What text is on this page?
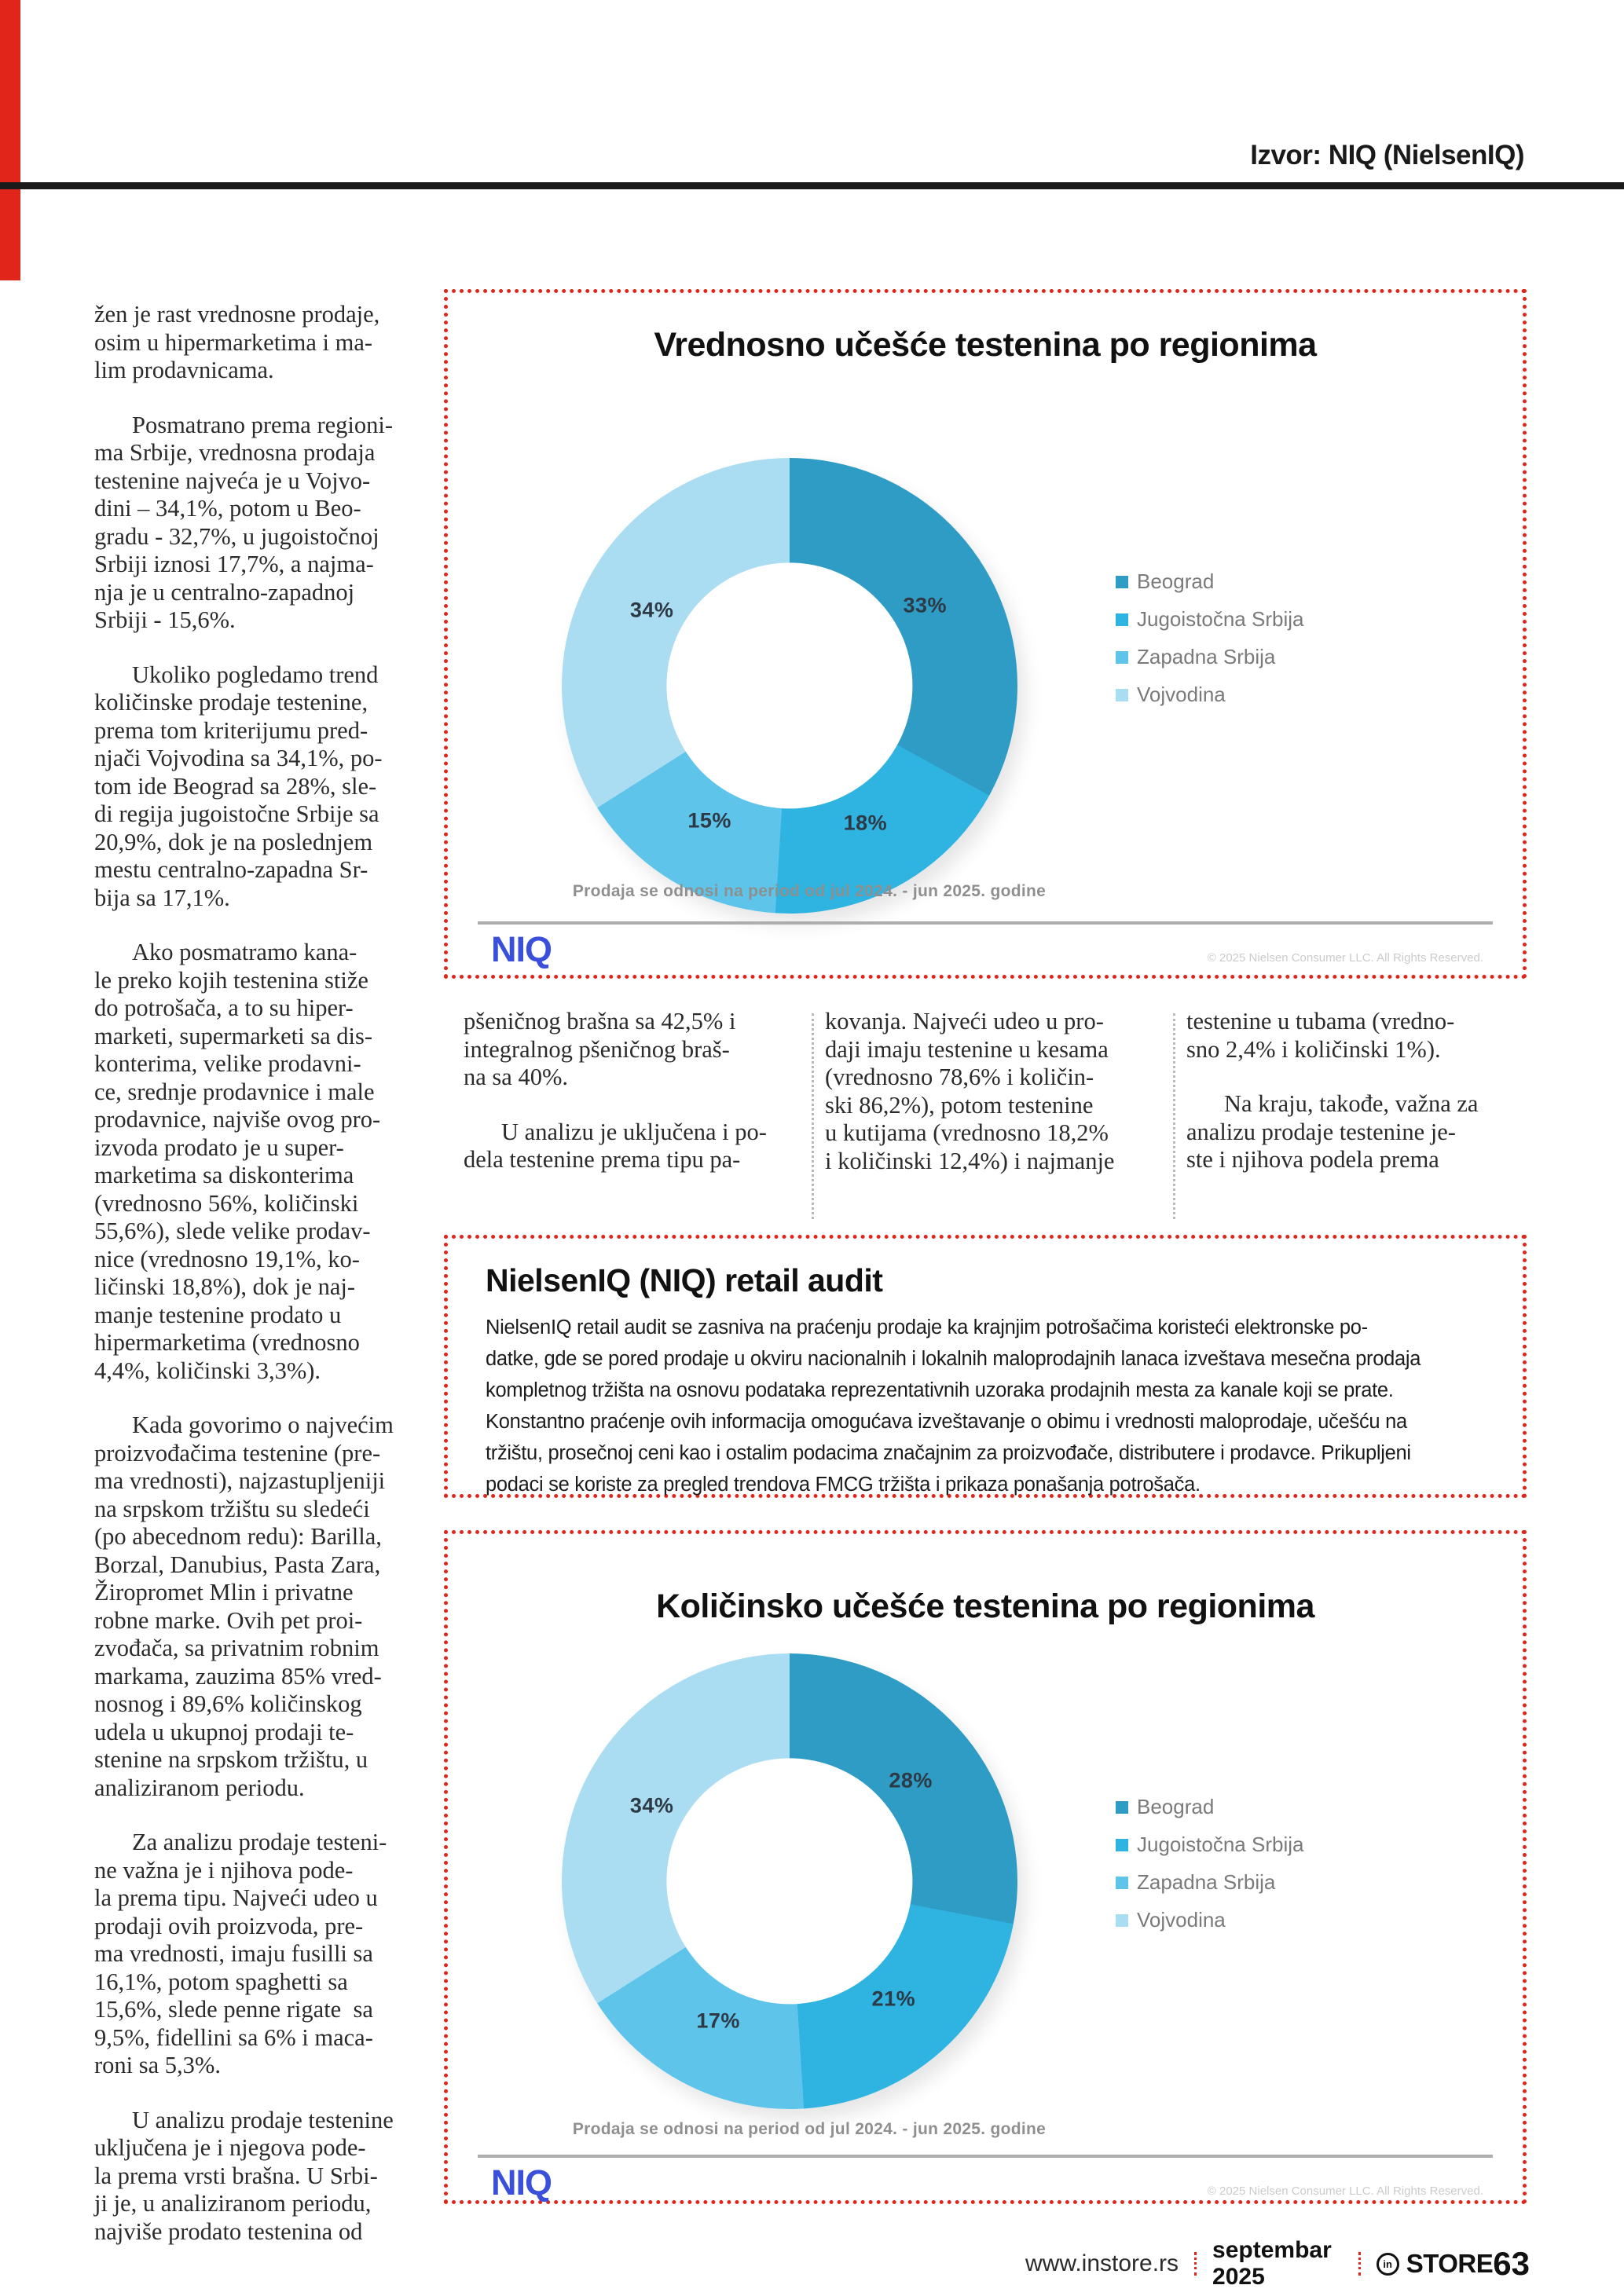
Izvor: NIQ (NielsenIQ)
žen je rast vrednosne prodaje,
osim u hipermarketima i ma-
lim prodavnicama.
Posmatrano prema regioni-
ma Srbije, vrednosna prodaja
testenine najveća je u Vojvo-
dini – 34,1%, potom u Beo-
gradu - 32,7%, u jugoistočnoj
Srbiji iznosi 17,7%, a najma-
nja je u centralno-zapadnoj
Srbiji - 15,6%.
Ukoliko pogledamo trend
količinske prodaje testenine,
prema tom kriterijumu pred-
njači Vojvodina sa 34,1%, po-
tom ide Beograd sa 28%, sle-
di regija jugoistočne Srbije sa
20,9%, dok je na poslednjem
mestu centralno-zapadna Sr-
bija sa 17,1%.
Ako posmatramo kana-
le preko kojih testenina stiže
do potrošača, a to su hiper-
marketi, supermarketi sa dis-
konterima, velike prodavni-
ce, srednje prodavnice i male
prodavnice, najviše ovog pro-
izvoda prodato je u super-
marketima sa diskonterima
(vrednosno 56%, količinski
55,6%), slede velike prodav-
nice (vrednosno 19,1%, ko-
ličinski 18,8%), dok je naj-
manje testenine prodato u
hipermarketima (vrednosno
4,4%, količinski 3,3%).
Kada govorimo o najvećim
proizvođačima testenine (pre-
ma vrednosti), najzastupljeniji
na srpskom tržištu su sledeći
(po abecednom redu): Barilla,
Borzal, Danubius, Pasta Zara,
Žiropromet Mlin i privatne
robne marke. Ovih pet proi-
zvođača, sa privatnim robnim
markama, zauzima 85% vred-
nosnog i 89,6% količinskog
udela u ukupnoj prodaji te-
stenine na srpskom tržištu, u
analiziranom periodu.
Za analizu prodaje testeni-
ne važna je i njihova pode-
la prema tipu. Najveći udeo u
prodaji ovih proizvoda, pre-
ma vrednosti, imaju fusilli sa
16,1%, potom spaghetti sa
15,6%, slede penne rigate  sa
9,5%, fidellini sa 6% i maca-
roni sa 5,3%.
U analizu prodaje testenine
uključena je i njegova pode-
la prema vrsti brašna. U Srbi-
ji je, u analiziranom periodu,
najviše prodato testenina od
Vrednosno učešće testenina po regionima
33%
18%
15%
34%
Beograd
Jugoistočna Srbija
Zapadna Srbija
Vojvodina
Prodaja se odnosi na period od jul 2024. - jun 2025. godine
NIQ	© 2025 Nielsen Consumer LLC. All Rights Reserved.
pšeničnog brašna sa 42,5% i
integralnog pšeničnog braš-
na sa 40%.
U analizu je uključena i po-
dela testenine prema tipu pa-
kovanja. Najveći udeo u pro-
daji imaju testenine u kesama
(vrednosno 78,6% i količin-
ski 86,2%), potom testenine
u kutijama (vrednosno 18,2%
i količinski 12,4%) i najmanje
testenine u tubama (vredno-
sno 2,4% i količinski 1%).
Na kraju, takođe, važna za
analizu prodaje testenine je-
ste i njihova podela prema
NielsenIQ (NIQ) retail audit
NielsenIQ retail audit se zasniva na praćenju prodaje ka krajnjim potrošačima koristeći elektronske po-
datke, gde se pored prodaje u okviru nacionalnih i lokalnih maloprodajnih lanaca izveštava mesečna prodaja
kompletnog tržišta na osnovu podataka reprezentativnih uzoraka prodajnih mesta za kanale koji se prate.
Konstantno praćenje ovih informacija omogućava izveštavanje o obimu i vrednosti maloprodaje, učešću na
tržištu, prosečnoj ceni kao i ostalim podacima značajnim za proizvođače, distributere i prodavce. Prikupljeni
podaci se koriste za pregled trendova FMCG tržišta i prikaza ponašanja potrošača.
Količinsko učešće testenina po regionima
28%
21%
17%
34%	Beograd
Jugoistočna Srbija
Zapadna Srbija
Vojvodina
Prodaja se odnosi na period od jul 2024. - jun 2025. godine
NIQ	© 2025 Nielsen Consumer LLC. All Rights Reserved.
www.instore.rs
septembar 2025	in STORE 63
